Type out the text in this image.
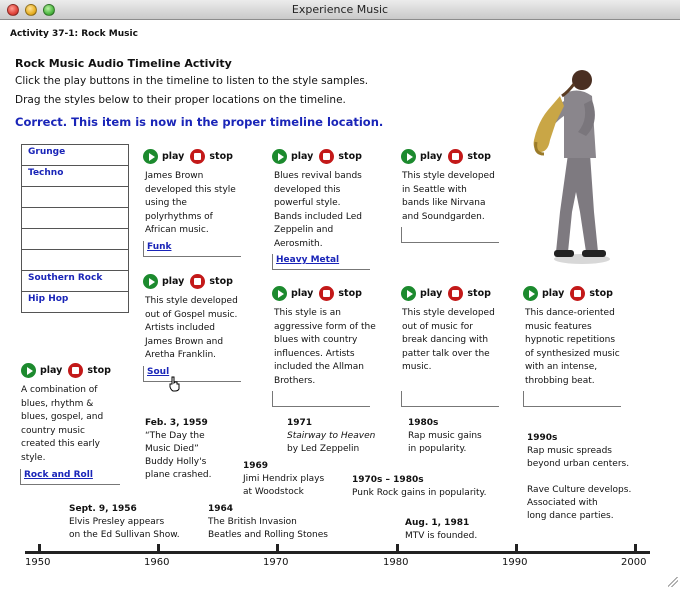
Experience Music
Activity 37-1: Rock Music
Rock Music Audio Timeline Activity
Click the play buttons in the timeline to listen to the style samples.
Drag the styles below to their proper locations on the timeline.
Correct. This item is now in the proper timeline location.
Grunge
Techno
Southern Rock
Hip Hop
play	stop
A combination of
blues, rhythm &
blues, gospel, and
country music
created this early
style.
Rock and Roll
play	stop
James Brown
developed this style
using the
polyrhythms of
African music.
Funk
play	stop
This style developed
out of Gospel music.
Artists included
James Brown and
Aretha Franklin.
Soul
play	stop
Blues revival bands
developed this
powerful style.
Bands included Led
Zeppelin and
Aerosmith.
Heavy Metal
play	stop
This style is an
aggressive form of the
blues with country
influences. Artists
included the Allman
Brothers.
play	stop
This style developed
in Seattle with
bands like Nirvana
and Soundgarden.
play	stop
This style developed
out of music for
break dancing with
patter talk over the
music.
play	stop
This dance-oriented
music features
hypnotic repetitions
of synthesized music
with an intense,
throbbing beat.
Sept. 9, 1956
Elvis Presley appears
on the Ed Sullivan Show.
Feb. 3, 1959
“The Day the
Music Died”
Buddy Holly's
plane crashed.
1964
The British Invasion
Beatles and Rolling Stones
1969
Jimi Hendrix plays
at Woodstock
1971
Stairway to Heaven
by Led Zeppelin
1970s – 1980s
Punk Rock gains in popularity.
1980s
Rap music gains
in popularity.
Aug. 1, 1981
MTV is founded.
1990s
Rap music spreads
beyond urban centers.
Rave Culture develops.
Associated with
long dance parties.
1950	1960	1970	1980	1990	2000
